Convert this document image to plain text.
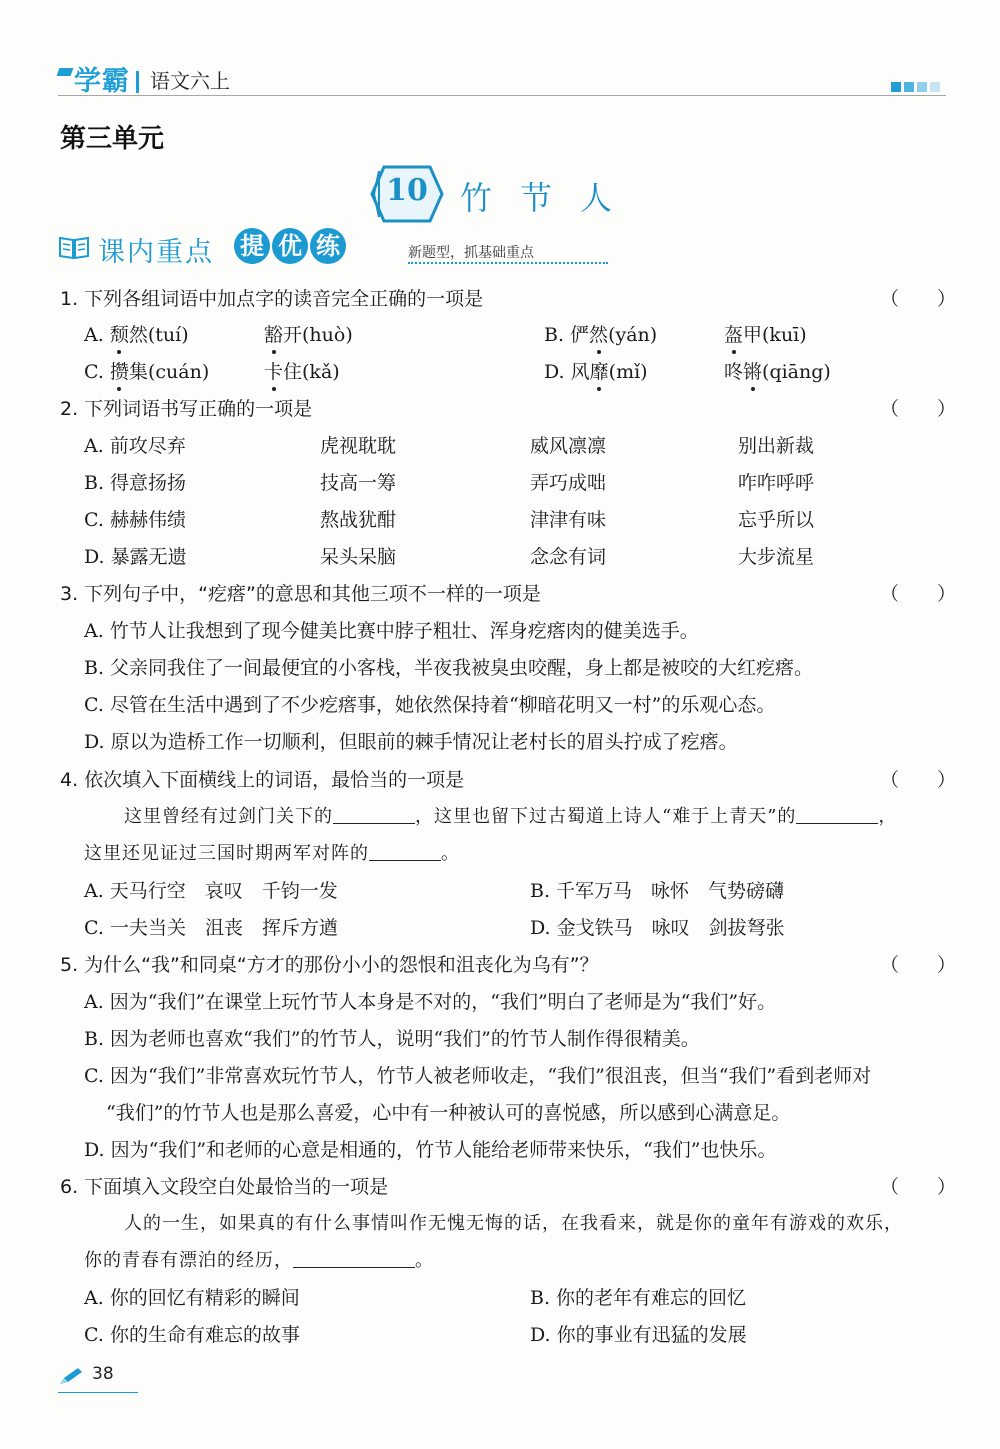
学霸	语文六上
第三单元
10	竹节人
课内重点 提 优 练	新题型，抓基础重点
1. 下列各组词语中加点字的读音完全正确的一项是	（　　）
A. 颓然(tuí)	豁开(huò)	B. 俨然(yán)	盔甲(kuī)
C. 攒集(cuán)	卡住(kǎ)	D. 风靡(mǐ)	咚锵(qiāng)
2. 下列词语书写正确的一项是	（　　）
A. 前攻尽弃	虎视耽耽	威风凛凛	别出新裁
B. 得意扬扬	技高一筹	弄巧成咄	咋咋呼呼
C. 赫赫伟绩	熬战犹酣	津津有味	忘乎所以
D. 暴露无遗	呆头呆脑	念念有词	大步流星
3. 下列句子中，“疙瘩”的意思和其他三项不一样的一项是	（　　）
A. 竹节人让我想到了现今健美比赛中脖子粗壮、浑身疙瘩肉的健美选手。
B. 父亲同我住了一间最便宜的小客栈，半夜我被臭虫咬醒，身上都是被咬的大红疙瘩。
C. 尽管在生活中遇到了不少疙瘩事，她依然保持着“柳暗花明又一村”的乐观心态。
D. 原以为造桥工作一切顺利，但眼前的棘手情况让老村长的眉头拧成了疙瘩。
4. 依次填入下面横线上的词语，最恰当的一项是	（　　）
这里曾经有过剑门关下的	，这里也留下过古蜀道上诗人“难于上青天”的	，
这里还见证过三国时期两军对阵的	。
A. 天马行空　哀叹　千钧一发	B. 千军万马　咏怀　气势磅礴
C. 一夫当关　沮丧　挥斥方遒	D. 金戈铁马　咏叹　剑拔弩张
5. 为什么“我”和同桌“方才的那份小小的怨恨和沮丧化为乌有”？	（　　）
A. 因为“我们”在课堂上玩竹节人本身是不对的，“我们”明白了老师是为“我们”好。
B. 因为老师也喜欢“我们”的竹节人，说明“我们”的竹节人制作得很精美。
C. 因为“我们”非常喜欢玩竹节人，竹节人被老师收走，“我们”很沮丧，但当“我们”看到老师对
“我们”的竹节人也是那么喜爱，心中有一种被认可的喜悦感，所以感到心满意足。
D. 因为“我们”和老师的心意是相通的，竹节人能给老师带来快乐，“我们”也快乐。
6. 下面填入文段空白处最恰当的一项是	（　　）
人的一生，如果真的有什么事情叫作无愧无悔的话，在我看来，就是你的童年有游戏的欢乐，
你的青春有漂泊的经历，	。
A. 你的回忆有精彩的瞬间	B. 你的老年有难忘的回忆
C. 你的生命有难忘的故事	D. 你的事业有迅猛的发展
38
